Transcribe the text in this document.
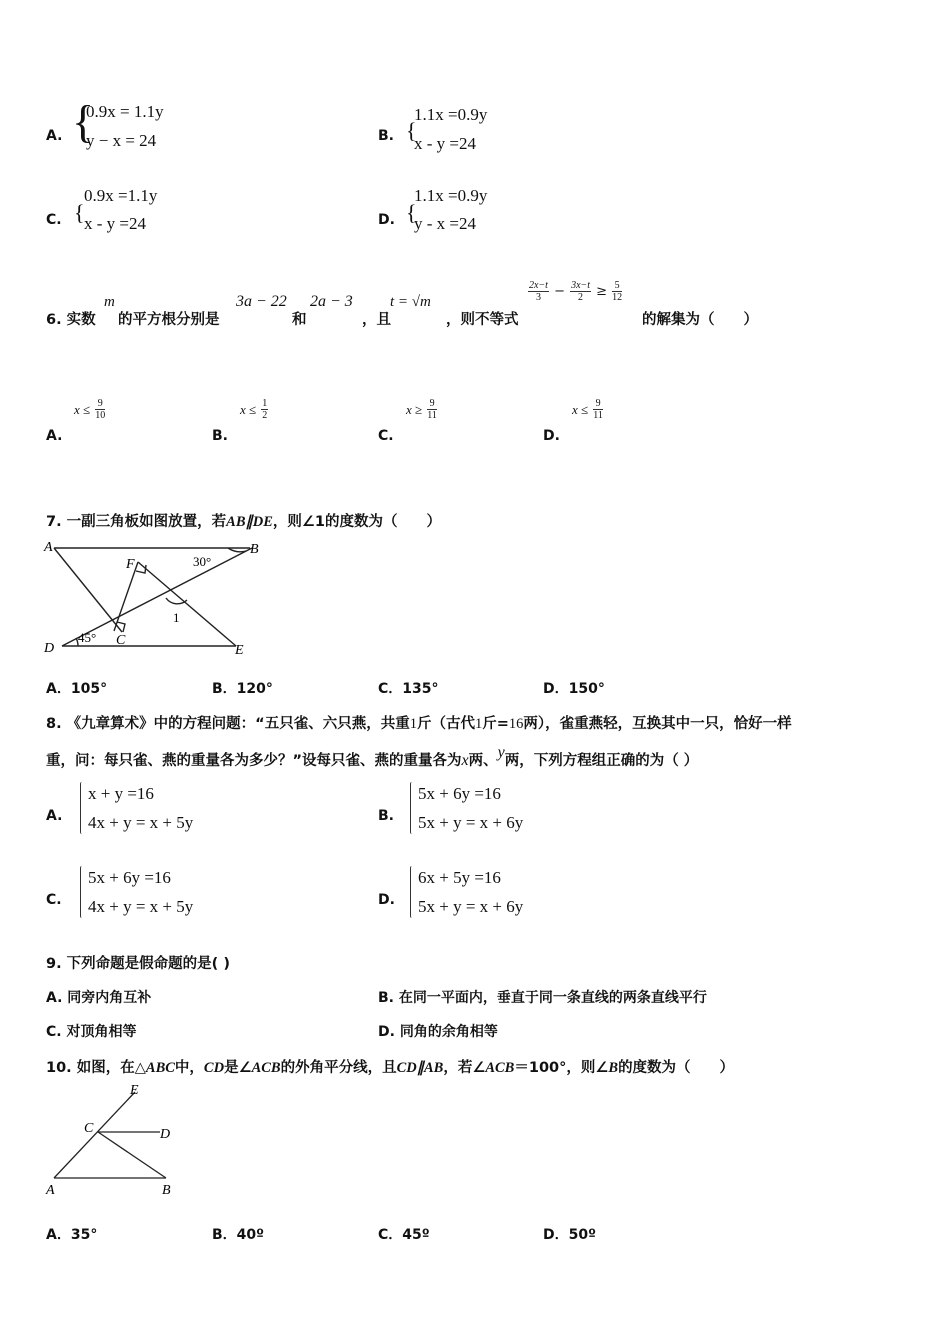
A. {
0.9x = 1.1y
y − x = 24	B. {
1.1x =0.9y
x - y =24
C. {
0.9x =1.1y
x - y =24	D. {
1.1x =0.9y
y - x =24
6. 实数
m
的平方根分别是
3a − 22
和
2a − 3
，且
t = √m
，则不等式
$\frac{2x-t}{3} - \frac{3x-t}{2} \ge \frac{5}{12}$
的解集为（　　）
A.
$x \le \frac{9}{10}$
B.
$x \le \frac{1}{2}$
C.
$x \ge \frac{9}{11}$
D.
$x \le \frac{9}{11}$
7. 一副三角板如图放置，若AB∥DE，则∠1的度数为（　　）
A	B
D	E
F
C
30°
45°
1
A．105°	B．120°	C．135°	D．150°
8. 《九章算术》中的方程问题：“五只雀、六只燕，共重1斤（古代1斤=16两），雀重燕轻，互换其中一只，恰好一样
重，问：每只雀、燕的重量各为多少？”设每只雀、燕的重量各为x两、y两，下列方程组正确的为（ ）
A.
x + y =16
4x + y = x + 5y	B.
5x + 6y =16
5x + y = x + 6y
C.
5x + 6y =16
4x + y = x + 5y	D.
6x + 5y =16
5x + y = x + 6y
9. 下列命题是假命题的是( )
A. 同旁内角互补	B. 在同一平面内，垂直于同一条直线的两条直线平行
C. 对顶角相等	D. 同角的余角相等
10. 如图，在△ABC中，CD是∠ACB的外角平分线，且CD∥AB，若∠ACB＝100°，则∠B的度数为（　　）
E
C	D
A	B
A．35°	B．40º	C．45º	D．50º
